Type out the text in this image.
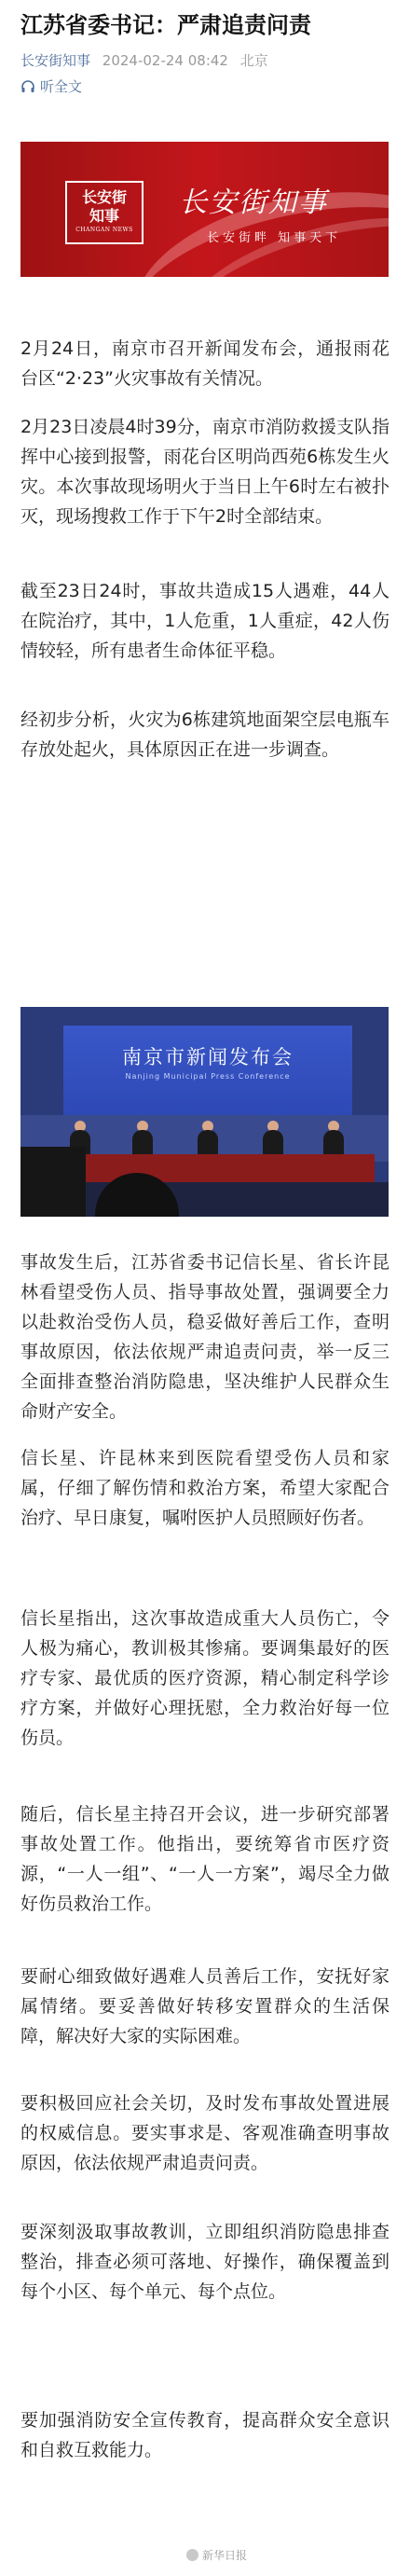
江苏省委书记：严肃追责问责
长安街知事 2024-02-24 08:42 北京
听全文
长安街
知事
CHANGAN NEWS
长安街知事
长安街畔 知事天下

2月24日，南京市召开新闻发布会，通报雨花台区“2·23”火灾事故有关情况。

2月23日凌晨4时39分，南京市消防救援支队指挥中心接到报警，雨花台区明尚西苑6栋发生火灾。本次事故现场明火于当日上午6时左右被扑灭，现场搜救工作于下午2时全部结束。

截至23日24时，事故共造成15人遇难，44人在院治疗，其中，1人危重，1人重症，42人伤情较轻，所有患者生命体征平稳。

经初步分析，火灾为6栋建筑地面架空层电瓶车存放处起火，具体原因正在进一步调查。

南京市新闻发布会
Nanjing Municipal Press Conference

事故发生后，江苏省委书记信长星、省长许昆林看望受伤人员、指导事故处置，强调要全力以赴救治受伤人员，稳妥做好善后工作，查明事故原因，依法依规严肃追责问责，举一反三全面排查整治消防隐患，坚决维护人民群众生命财产安全。

信长星、许昆林来到医院看望受伤人员和家属，仔细了解伤情和救治方案，希望大家配合治疗、早日康复，嘱咐医护人员照顾好伤者。

信长星指出，这次事故造成重大人员伤亡，令人极为痛心，教训极其惨痛。要调集最好的医疗专家、最优质的医疗资源，精心制定科学诊疗方案，并做好心理抚慰，全力救治好每一位伤员。

随后，信长星主持召开会议，进一步研究部署事故处置工作。他指出，要统筹省市医疗资源，“一人一组”、“一人一方案”，竭尽全力做好伤员救治工作。

要耐心细致做好遇难人员善后工作，安抚好家属情绪。要妥善做好转移安置群众的生活保障，解决好大家的实际困难。

要积极回应社会关切，及时发布事故处置进展的权威信息。要实事求是、客观准确查明事故原因，依法依规严肃追责问责。

要深刻汲取事故教训，立即组织消防隐患排查整治，排查必须可落地、好操作，确保覆盖到每个小区、每个单元、每个点位。

要加强消防安全宣传教育，提高群众安全意识和自救互救能力。

新华日报
